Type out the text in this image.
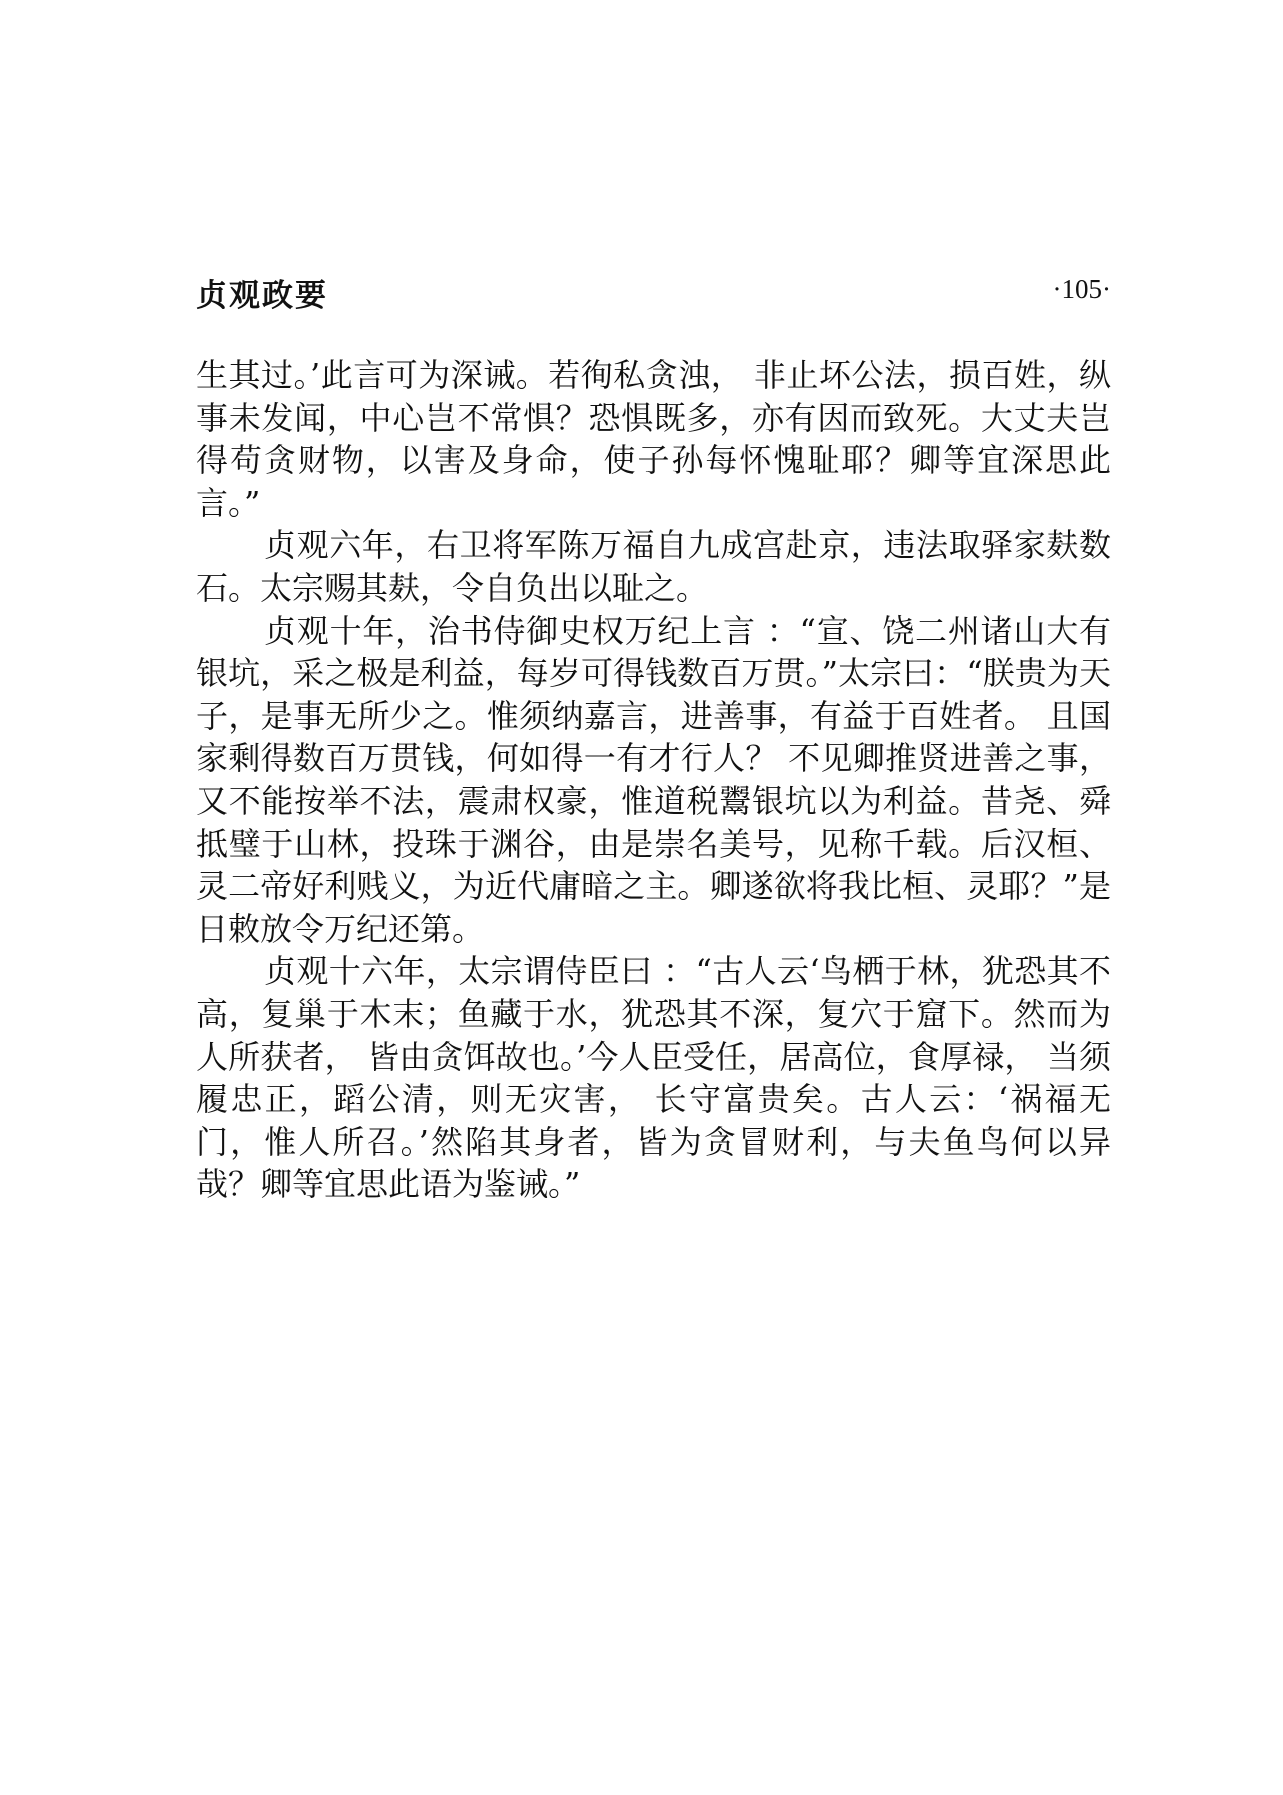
贞观政要	·105·

生其过。’此言可为深诫。若徇私贪浊， 非止坏公法，损百姓，纵事未发闻，中心岂不常惧？恐惧既多，亦有因而致死。大丈夫岂得苟贪财物，以害及身命，使子孙每怀愧耻耶？卿等宜深思此言。”

贞观六年，右卫将军陈万福自九成宫赴京，违法取驿家麸数石。太宗赐其麸，令自负出以耻之。

贞观十年，治书侍御史权万纪上言 ：“宣、饶二州诸山大有银坑，采之极是利益，每岁可得钱数百万贯。”太宗曰：“朕贵为天子，是事无所少之。惟须纳嘉言，进善事，有益于百姓者。 且国家剩得数百万贯钱，何如得一有才行人？ 不见卿推贤进善之事，又不能按举不法，震肃权豪，惟道税鬻银坑以为利益。昔尧、舜抵璧于山林，投珠于渊谷，由是崇名美号，见称千载。后汉桓、灵二帝好利贱义，为近代庸暗之主。卿遂欲将我比桓、灵耶？”是日敕放令万纪还第。

贞观十六年，太宗谓侍臣曰 ：“古人云‘鸟栖于林，犹恐其不高，复巢于木末；鱼藏于水，犹恐其不深，复穴于窟下。然而为人所获者， 皆由贪饵故也。’今人臣受任，居高位，食厚禄， 当须履忠正，蹈公清，则无灾害， 长守富贵矣。古人云：‘祸福无门，惟人所召。’然陷其身者，皆为贪冒财利，与夫鱼鸟何以异哉？卿等宜思此语为鉴诫。”
